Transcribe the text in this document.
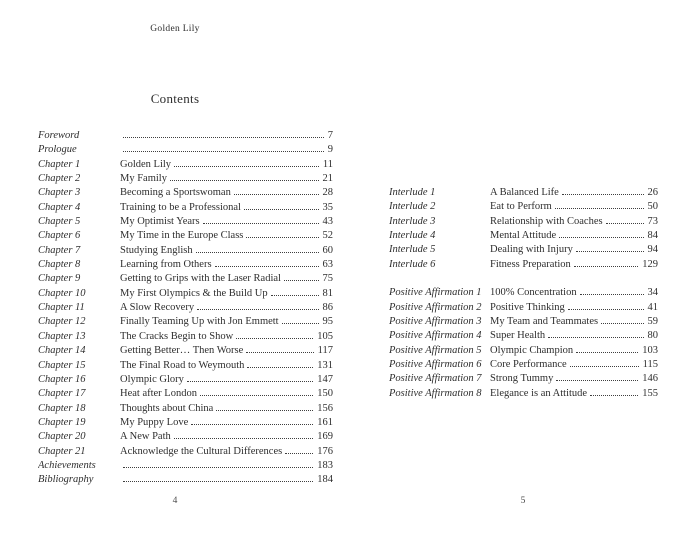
Golden Lily
Contents
Foreword	7
Prologue	9
Chapter 1	Golden Lily	11
Chapter 2	My Family	21
Chapter 3	Becoming a Sportswoman	28
Chapter 4	Training to be a Professional	35
Chapter 5	My Optimist Years	43
Chapter 6	My Time in the Europe Class	52
Chapter 7	Studying English	60
Chapter 8	Learning from Others	63
Chapter 9	Getting to Grips with the Laser Radial	75
Chapter 10	My First Olympics & the Build Up	81
Chapter 11	A Slow Recovery	86
Chapter 12	Finally Teaming Up with Jon Emmett	95
Chapter 13	The Cracks Begin to Show	105
Chapter 14	Getting Better… Then Worse	117
Chapter 15	The Final Road to Weymouth	131
Chapter 16	Olympic Glory	147
Chapter 17	Heat after London	150
Chapter 18	Thoughts about China	156
Chapter 19	My Puppy Love	161
Chapter 20	A New Path	169
Chapter 21	Acknowledge the Cultural Differences	176
Achievements	183
Bibliography	184
Interlude 1	A Balanced Life	26
Interlude 2	Eat to Perform	50
Interlude 3	Relationship with Coaches	73
Interlude 4	Mental Attitude	84
Interlude 5	Dealing with Injury	94
Interlude 6	Fitness Preparation	129
Positive Affirmation 1 100% Concentration	34
Positive Affirmation 2 Positive Thinking	41
Positive Affirmation 3 My Team and Teammates	59
Positive Affirmation 4 Super Health	80
Positive Affirmation 5 Olympic Champion	103
Positive Affirmation 6 Core Performance	115
Positive Affirmation 7 Strong Tummy	146
Positive Affirmation 8 Elegance is an Attitude	155
4	5
